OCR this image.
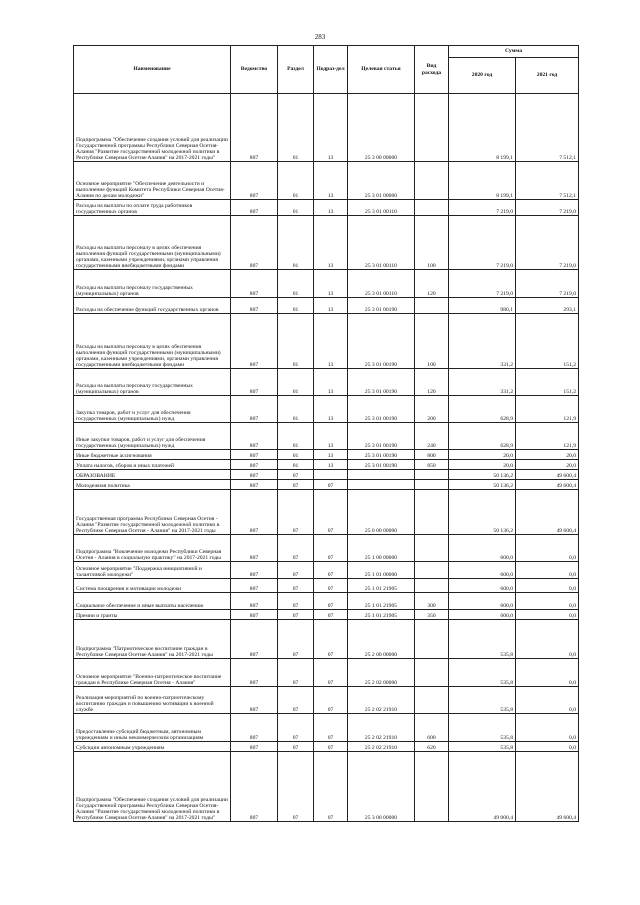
283
Наименование	Ведомство	Раздел	Подраз-дел	Целевая статья	Вид расхода	Сумма	
						2020 год	2021 год
Подпрограмма "Обеспечение создания условий для реализации Государственной программы Республики Северная Осетия-Алания "Развитие государственной молодежной политики в Республике Северная Осетия-Алания" на 2017-2021 годы"	807	01	13	25 3 00 00000		8 199,1	7 512,1
Основное мероприятие "Обеспечение деятельности и выполнение функций Комитета Республики Северная Осетия-Алания по делам молодежи"	807	01	13	25 3 01 00000		8 199,1	7 512,1
Расходы на выплаты по оплате труда работников государственных органов	807	01	13	25 3 01 00110		7 219,0	7 219,0
Расходы на выплаты персоналу в целях обеспечения выполнения функций государственными (муниципальными) органами, казенными учреждениями, органами управления государственными внебюджетными фондами	807	01	13	25 3 01 00110	100	7 219,0	7 219,0
Расходы на выплаты персоналу государственных (муниципальных) органов	807	01	13	25 3 01 00110	120	7 219,0	7 219,0
Расходы на обеспечение функций государственных органов	807	01	13	25 3 01 00190		980,1	293,1
Расходы на выплаты персоналу в целях обеспечения выполнения функций государственными (муниципальными) органами, казенными учреждениями, органами управления государственными внебюджетными фондами	807	01	13	25 3 01 00190	100	331,2	151,2
Расходы на выплаты персоналу государственных (муниципальных) органов	807	01	13	25 3 01 00190	120	331,2	151,2
Закупка товаров, работ и услуг для обеспечения государственных (муниципальных) нужд	807	01	13	25 3 01 00190	200	628,9	121,9
Иные закупки товаров, работ и услуг для обеспечения государственных (муниципальных) нужд	807	01	13	25 3 01 00190	240	628,9	121,9
Иные бюджетные ассигнования	807	01	13	25 3 01 00190	800	20,0	20,0
Уплата налогов, сборов и иных платежей	807	01	13	25 3 01 00190	850	20,0	20,0
ОБРАЗОВАНИЕ	807	07				50 136,2	49 600,4
Молодежная политика	807	07	07			50 136,2	49 600,4
Государственная программа Республики Северная Осетия - Алания "Развитие государственной молодежной политики в Республике Северная Осетия - Алания" на 2017-2021 годы	807	07	07	25 0 00 00000		50 136,2	49 600,4
Подпрограмма "Вовлечение молодежи Республики Северная Осетия - Алания в социальную практику" на 2017-2021 годы	807	07	07	25 1 00 00000		600,0	0,0
Основное мероприятие "Поддержка инициативной и талантливой молодежи"	807	07	07	25 1 01 00000		600,0	0,0
Система поощрения и мотивации молодежи	807	07	07	25 1 01 21905		600,0	0,0
Социальное обеспечение и иные выплаты населению	807	07	07	25 1 01 21905	300	600,0	0,0
Премии и гранты	807	07	07	25 1 01 21905	350	600,0	0,0
Подпрограмма "Патриотическое воспитание граждан в Республике Северная Осетия-Алания" на 2017-2021 годы	807	07	07	25 2 00 00000		535,8	0,0
Основное мероприятие "Военно-патриотическое воспитание граждан в Республике Северная Осетия - Алания"	807	07	07	25 2 02 00000		535,8	0,0
Реализация мероприятий по военно-патриотическому воспитанию граждан и повышению мотивации к военной службе	807	07	07	25 2 02 21910		535,8	0,0
Предоставление субсидий бюджетным, автономным учреждениям и иным некоммерческим организациям	807	07	07	25 2 02 21910	600	535,8	0,0
Субсидии автономным учреждениям	807	07	07	25 2 02 21910	620	535,8	0,0
Подпрограмма "Обеспечение создания условий для реализации Государственной программы Республики Северная Осетия-Алания "Развитие государственной молодежной политики в Республике Северная Осетия-Алания" на 2017-2021 годы"	807	07	07	25 3 00 00000		49 000,4	49 600,4
